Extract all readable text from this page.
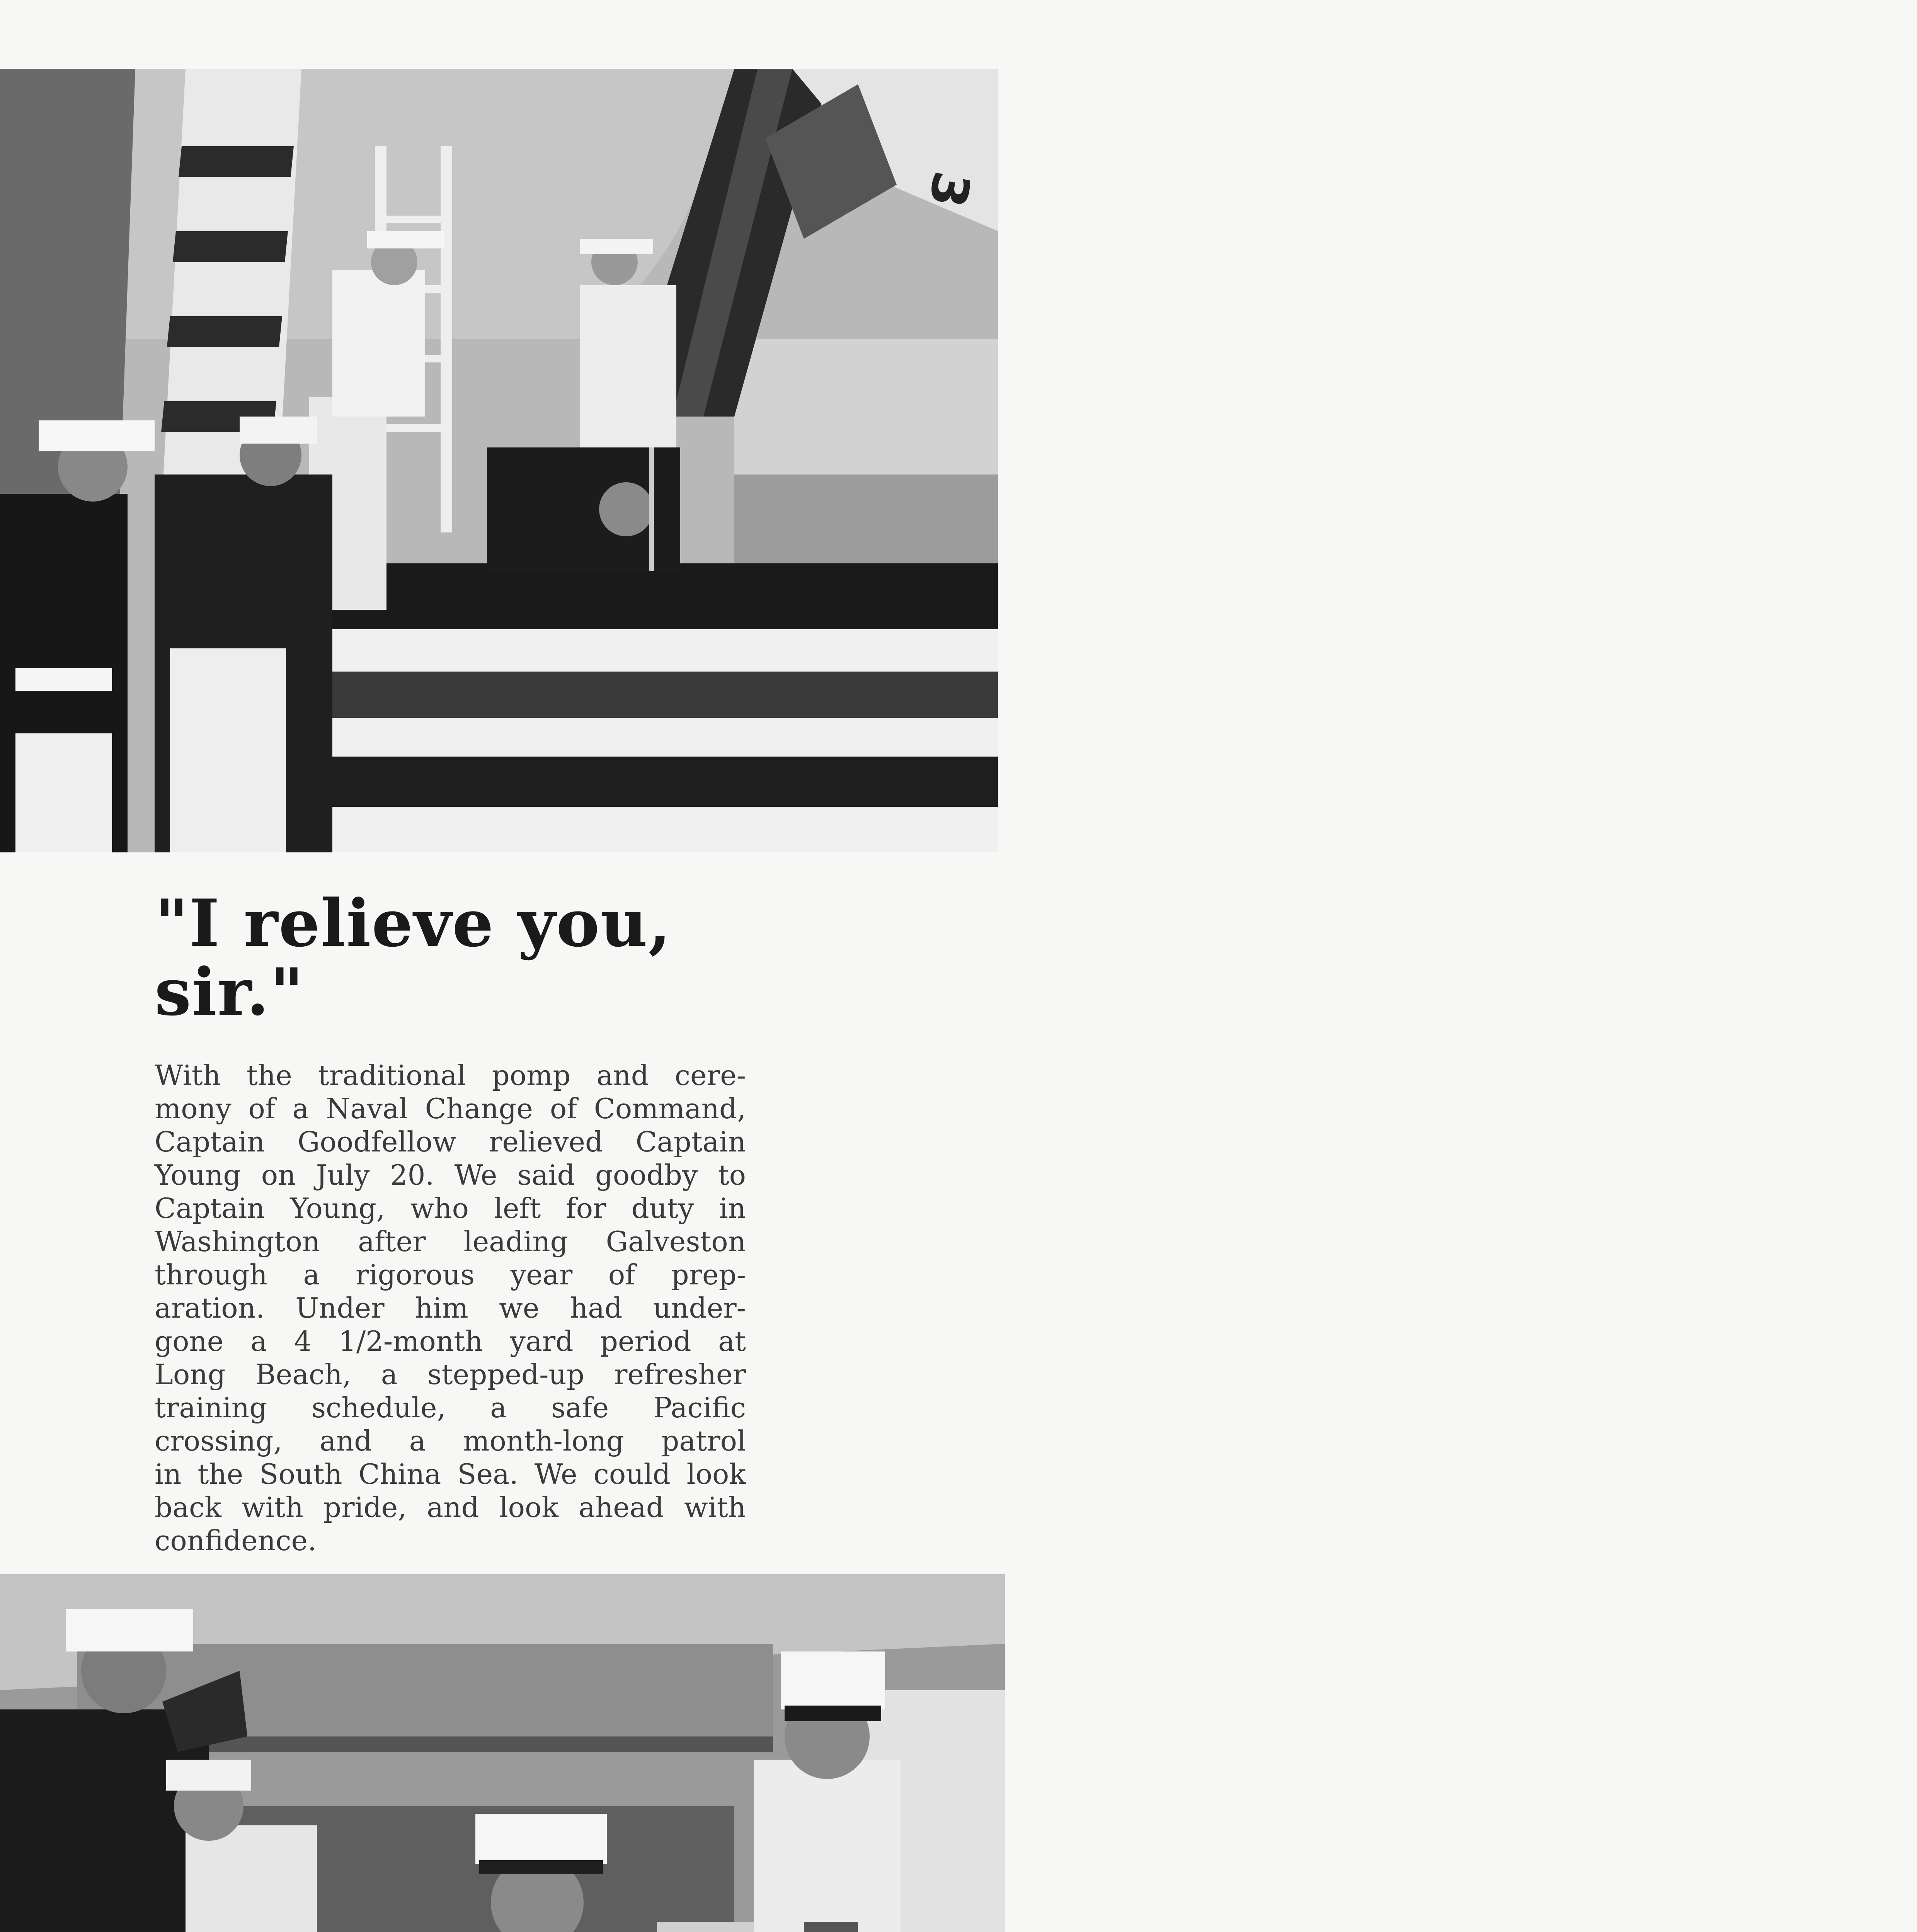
3
"I relieve you,
sir."

With the traditional pomp and cere-
mony of a Naval Change of Command,
Captain Goodfellow relieved Captain
Young on July 20. We said goodby to
Captain Young, who left for duty in
Washington after leading Galveston
through a rigorous year of prep-
aration. Under him we had under-
gone a 4 1/2-month yard period at
Long Beach, a stepped-up refresher
training schedule, a safe Pacific
crossing, and a month-long patrol
in the South China Sea. We could look
back with pride, and look ahead with
confidence.
